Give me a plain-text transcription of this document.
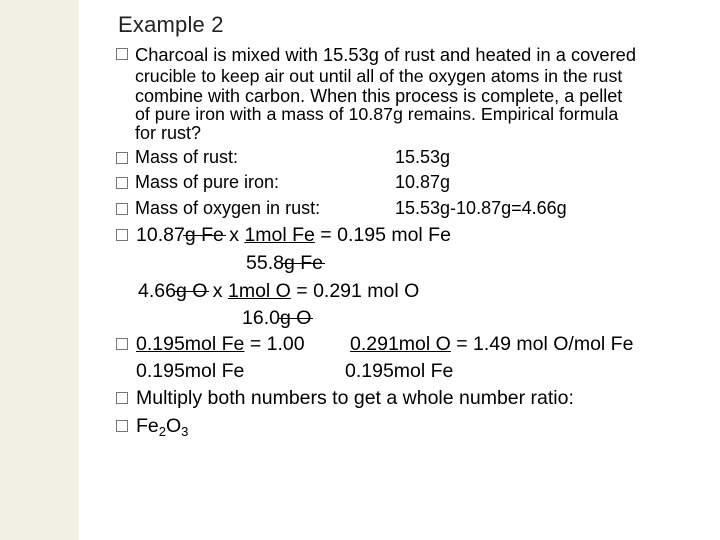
Example 2
Charcoal is mixed with 15.53g of rust and heated in a covered
crucible to keep air out until all of the oxygen atoms in the rust
combine with carbon. When this process is complete, a pellet
of pure iron with a mass of 10.87g remains. Empirical formula
for rust?
Mass of rust:	15.53g
Mass of pure iron:	10.87g
Mass of oxygen in rust:	15.53g-10.87g=4.66g
10.87g Fe x 1mol Fe = 0.195 mol Fe
55.8g Fe
4.66g O x 1mol O = 0.291 mol O
16.0g O
0.195mol Fe = 1.00 0.291mol O = 1.49 mol O/mol Fe
0.195mol Fe	0.195mol Fe
Multiply both numbers to get a whole number ratio:
$Fe_2O_3$
